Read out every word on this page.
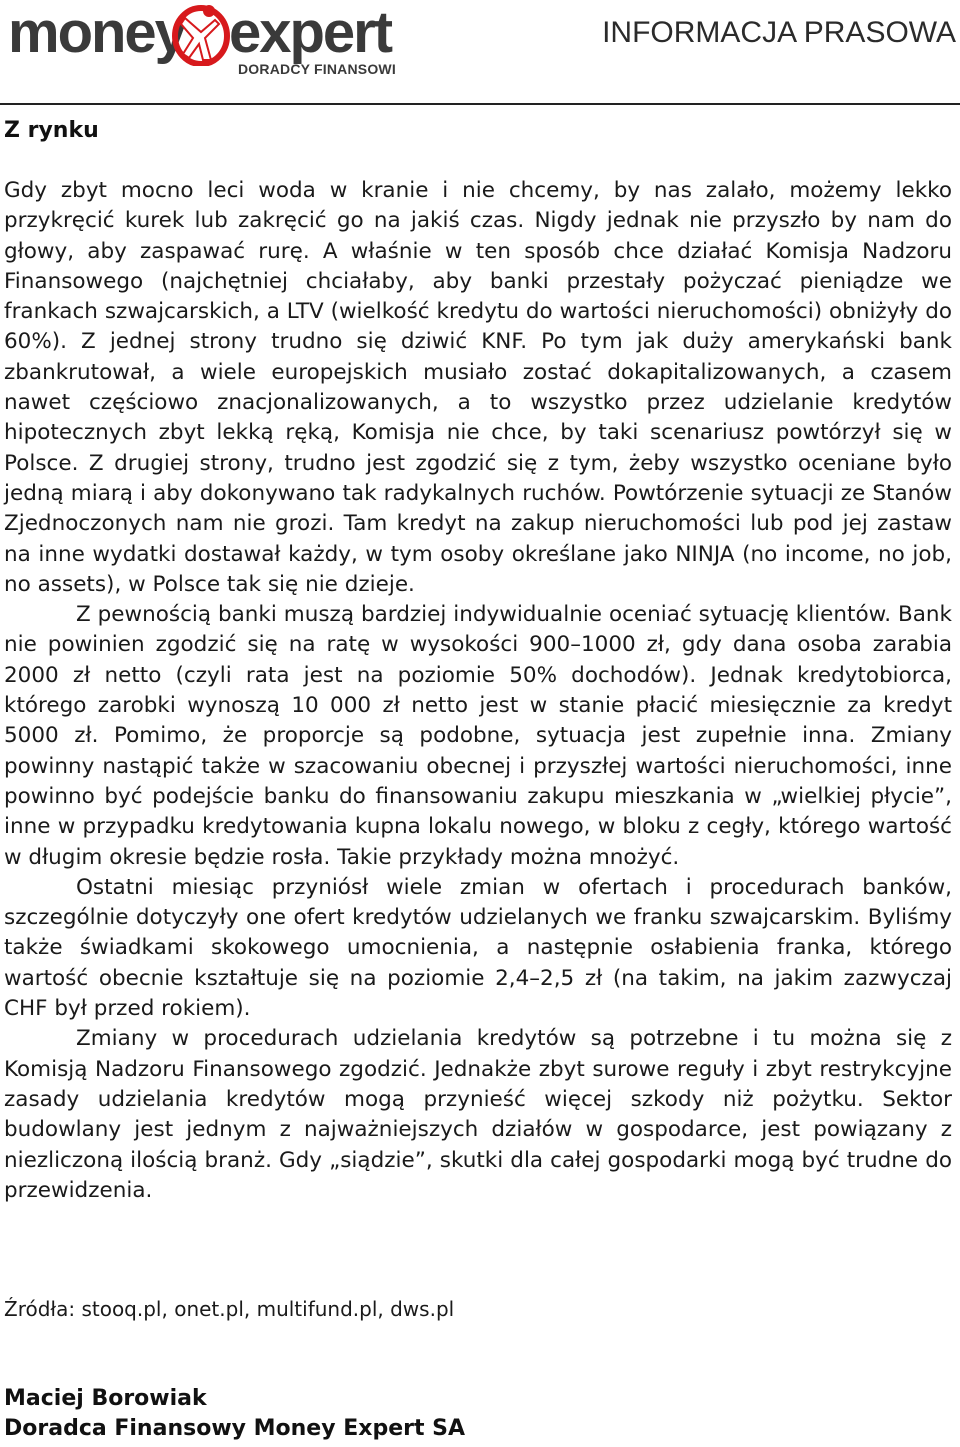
money expert
DORADCY FINANSOWI
INFORMACJA PRASOWA
Z rynku

Gdy zbyt mocno leci woda w kranie i nie chcemy, by nas zalało, możemy lekko przykręcić kurek lub zakręcić go na jakiś czas. Nigdy jednak nie przyszło by nam do głowy, aby zaspawać rurę. A właśnie w ten sposób chce działać Komisja Nadzoru Finansowego (najchętniej chciałaby, aby banki przestały pożyczać pieniądze we frankach szwajcarskich, a LTV (wielkość kredytu do wartości nieruchomości) obniżyły do 60%). Z jednej strony trudno się dziwić KNF. Po tym jak duży amerykański bank zbankrutował, a wiele europejskich musiało zostać dokapitalizowanych, a czasem nawet częściowo znacjonalizowanych, a to wszystko przez udzielanie kredytów hipotecznych zbyt lekką ręką, Komisja nie chce, by taki scenariusz powtórzył się w Polsce. Z drugiej strony, trudno jest zgodzić się z tym, żeby wszystko oceniane było jedną miarą i aby dokonywano tak radykalnych ruchów. Powtórzenie sytuacji ze Stanów Zjednoczonych nam nie grozi. Tam kredyt na zakup nieruchomości lub pod jej zastaw na inne wydatki dostawał każdy, w tym osoby określane jako NINJA (no income, no job, no assets), w Polsce tak się nie dzieje.

Z pewnością banki muszą bardziej indywidualnie oceniać sytuację klientów. Bank nie powinien zgodzić się na ratę w wysokości 900–1000 zł, gdy dana osoba zarabia 2000 zł netto (czyli rata jest na poziomie 50% dochodów). Jednak kredytobiorca, którego zarobki wynoszą 10 000 zł netto jest w stanie płacić miesięcznie za kredyt 5000 zł. Pomimo, że proporcje są podobne, sytuacja jest zupełnie inna. Zmiany powinny nastąpić także w szacowaniu obecnej i przyszłej wartości nieruchomości, inne powinno być podejście banku do finansowaniu zakupu mieszkania w „wielkiej płycie”, inne w przypadku kredytowania kupna lokalu nowego, w bloku z cegły, którego wartość w długim okresie będzie rosła. Takie przykłady można mnożyć.

Ostatni miesiąc przyniósł wiele zmian w ofertach i procedurach banków, szczególnie dotyczyły one ofert kredytów udzielanych we franku szwajcarskim. Byliśmy także świadkami skokowego umocnienia, a następnie osłabienia franka, którego wartość obecnie kształtuje się na poziomie 2,4–2,5 zł (na takim, na jakim zazwyczaj CHF był przed rokiem).

Zmiany w procedurach udzielania kredytów są potrzebne i tu można się z Komisją Nadzoru Finansowego zgodzić. Jednakże zbyt surowe reguły i zbyt restrykcyjne zasady udzielania kredytów mogą przynieść więcej szkody niż pożytku. Sektor budowlany jest jednym z najważniejszych działów w gospodarce, jest powiązany z niezliczoną ilością branż. Gdy „siądzie”, skutki dla całej gospodarki mogą być trudne do przewidzenia.

Źródła: stooq.pl, onet.pl, multifund.pl, dws.pl
Maciej Borowiak
Doradca Finansowy Money Expert SA
